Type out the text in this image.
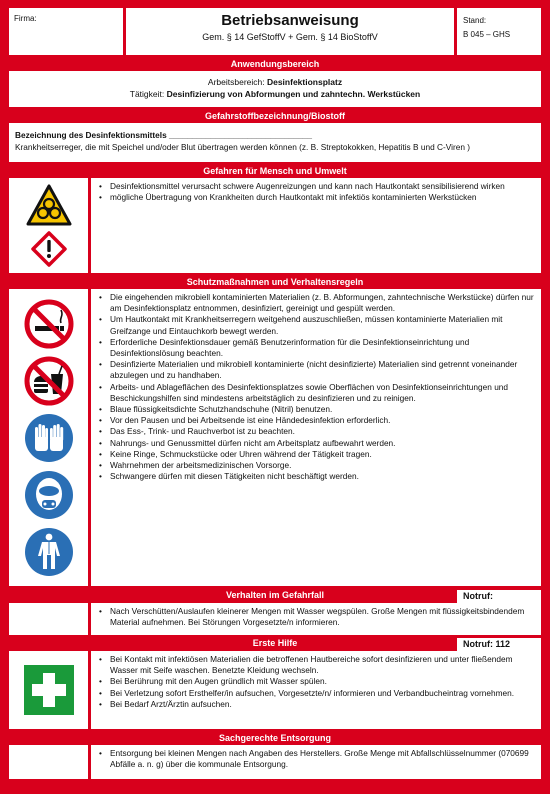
Firma:	Betriebsanweisung
Gem. § 14 GefStoffV + Gem. § 14 BioStoffV
Stand:
B 045 – GHS
Anwendungsbereich
Arbeitsbereich: Desinfektionsplatz
Tätigkeit: Desinfizierung von Abformungen und zahntechn. Werkstücken
Gefahrstoffbezeichnung/Biostoff
Bezeichnung des Desinfektionsmittels _______________________________
Krankheitserreger, die mit Speichel und/oder Blut übertragen werden können (z. B. Streptokokken, Hepatitis B und C-Viren )
Gefahren für Mensch und Umwelt
• Desinfektionsmittel verursacht schwere Augenreizungen und kann nach Hautkontakt sensibilisierend wirken
• mögliche Übertragung von Krankheiten durch Hautkontakt mit infektiös kontaminierten Werkstücken
Schutzmaßnahmen und Verhaltensregeln
• Die eingehenden mikrobiell kontaminierten Materialien (z. B. Abformungen, zahntechnische Werkstücke) dürfen nur am Desinfektionsplatz entnommen, desinfiziert, gereinigt und gespült werden.
• Um Hautkontakt mit Krankheitserregern weitgehend auszuschließen, müssen kontaminierte Materialien mit Greifzange und Eintauchkorb bewegt werden.
• Erforderliche Desinfektionsdauer gemäß Benutzerinformation für die Desinfektionseinrichtung und Desinfektionslösung beachten.
• Desinfizierte Materialien und mikrobiell kontaminierte (nicht desinfizierte) Materialien sind getrennt voneinander abzulegen und zu handhaben.
• Arbeits- und Ablageflächen des Desinfektionsplatzes sowie Oberflächen von Desinfektionseinrichtungen und Beschickungshilfen sind mindestens arbeitstäglich zu desinfizieren und zu reinigen.
• Blaue flüssigkeitsdichte Schutzhandschuhe (Nitril) benutzen.
• Vor den Pausen und bei Arbeitsende ist eine Händedesinfektion erforderlich.
• Das Ess-, Trink- und Rauchverbot ist zu beachten.
• Nahrungs- und Genussmittel dürfen nicht am Arbeitsplatz aufbewahrt werden.
• Keine Ringe, Schmuckstücke oder Uhren während der Tätigkeit tragen.
• Wahrnehmen der arbeitsmedizinischen Vorsorge.
• Schwangere dürfen mit diesen Tätigkeiten nicht beschäftigt werden.
Verhalten im Gefahrfall	Notruf:
• Nach Verschütten/Auslaufen kleinerer Mengen mit Wasser wegspülen. Große Mengen mit flüssigkeitsbindendem Material aufnehmen. Bei Störungen Vorgesetzte/n informieren.
Erste Hilfe	Notruf: 112
• Bei Kontakt mit infektiösen Materialien die betroffenen Hautbereiche sofort desinfizieren und unter fließendem Wasser mit Seife waschen. Benetzte Kleidung wechseln.
• Bei Berührung mit den Augen gründlich mit Wasser spülen.
• Bei Verletzung sofort Ersthelfer/in aufsuchen, Vorgesetzte/n/ informieren und Verbandbucheintrag vornehmen.
• Bei Bedarf Arzt/Ärztin aufsuchen.
Sachgerechte Entsorgung
• Entsorgung bei kleinen Mengen nach Angaben des Herstellers. Große Menge mit Abfallschlüsselnummer (070699 Abfälle a. n. g) über die kommunale Entsorgung.
